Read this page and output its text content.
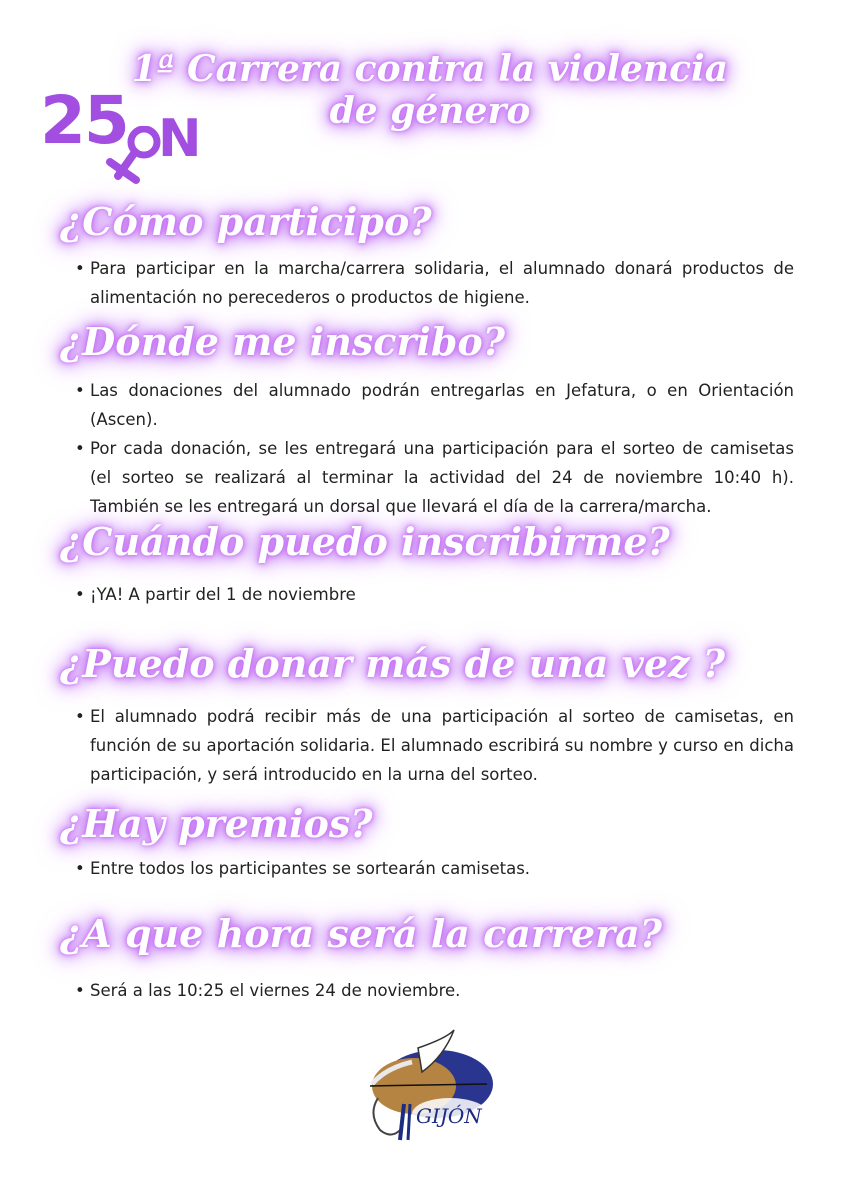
1ª Carrera contra la violencia
de género
25 N
¿Cómo participo?
• Para participar en la marcha/carrera solidaria, el alumnado donará productos de alimentación no perecederos o productos de higiene.
¿Dónde me inscribo?
• Las donaciones del alumnado podrán entregarlas en Jefatura, o en Orientación (Ascen).
• Por cada donación, se les entregará una participación para el sorteo de camisetas (el sorteo se realizará al terminar la actividad del 24 de noviembre 10:40 h). También se les entregará un dorsal que llevará el día de la carrera/marcha.
¿Cuándo puedo inscribirme?
• ¡YA! A partir del 1 de noviembre
¿Puedo donar más de una vez ?
• El alumnado podrá recibir más de una participación al sorteo de camisetas, en función de su aportación solidaria. El alumnado escribirá su nombre y curso en dicha participación, y será introducido en la urna del sorteo.
¿Hay premios?
• Entre todos los participantes se sortearán camisetas.
¿A que hora será la carrera?
• Será a las 10:25 el viernes 24 de noviembre.
GIJÓN
